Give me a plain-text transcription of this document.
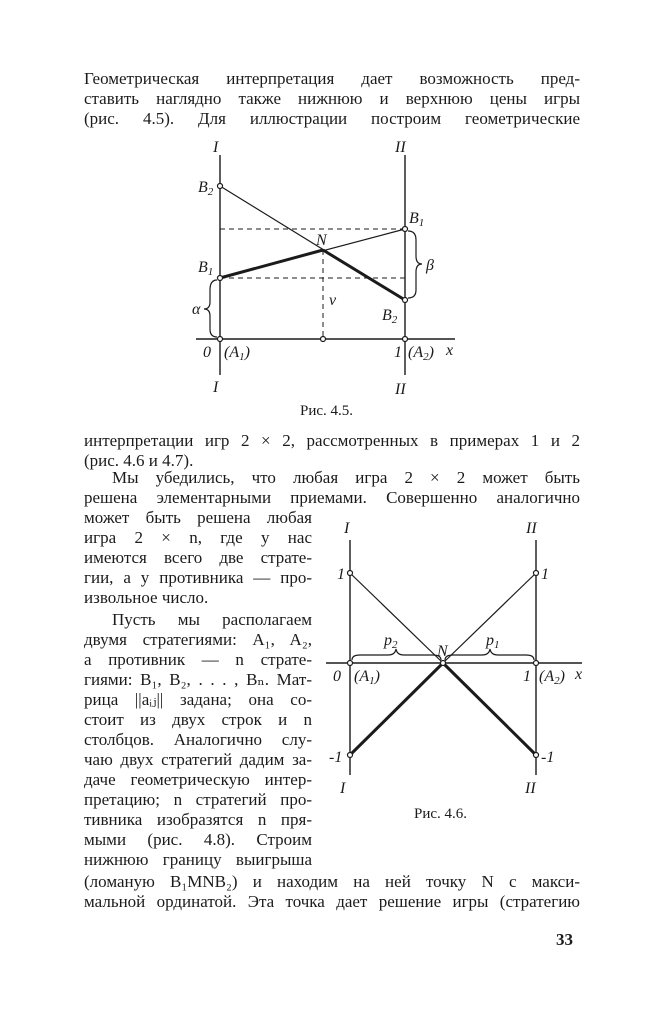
Геометрическая интерпретация дает возможность пред-
ставить наглядно также нижнюю и верхнюю цены игры
(рис. 4.5). Для иллюстрации построим геометрические
I	II
I	II
B2
B1
N
B1
B2
α
β
ν
0 (A1)	1 (A2) x
Рис. 4.5.
интерпретации игр 2 × 2, рассмотренных в примерах 1 и 2
(рис. 4.6 и 4.7).
Мы убедились, что любая игра 2 × 2 может быть
решена элементарными приемами. Совершенно аналогично
может быть решена любая
игра 2 × n, где у нас
имеются всего две страте-
гии, а у противника — про-
извольное число.
Пусть мы располагаем
двумя стратегиями: A₁, A₂,
а противник — n страте-
гиями: B₁, B₂, . . . , Bₙ. Мат-
рица ||aᵢⱼ|| задана; она со-
стоит из двух строк и n
столбцов. Аналогично слу-
чаю двух стратегий дадим за-
даче геометрическую интер-
претацию; n стратегий про-
тивника изобразятся n пря-
мыми (рис. 4.8). Строим
нижнюю границу выигрыша
I	II
I	II
1	1
-1	-1
p2	p1
N
0 (A1)	1 (A2) x
Рис. 4.6.
(ломаную B₁MNB₂) и находим на ней точку N с макси-
мальной ординатой. Эта точка дает решение игры (стратегию
33
